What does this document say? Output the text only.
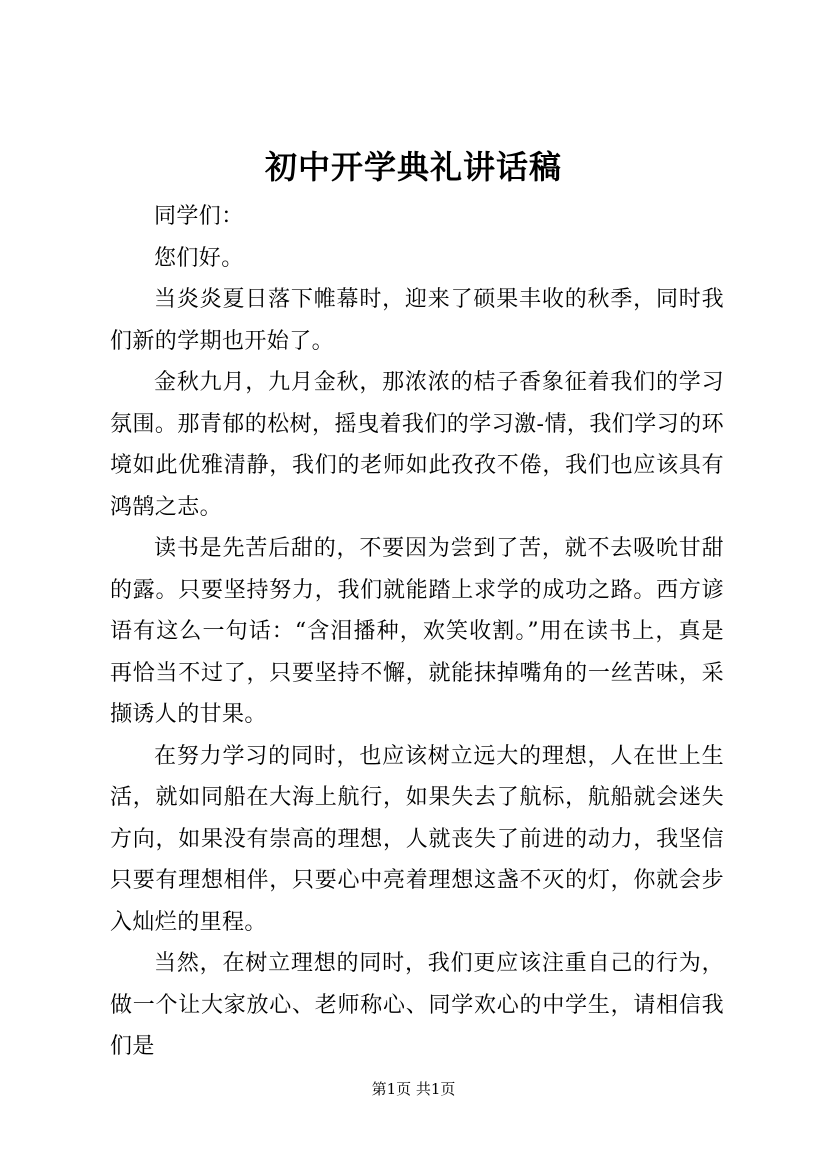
初中开学典礼讲话稿

同学们：

您们好。

当炎炎夏日落下帷幕时，迎来了硕果丰收的秋季，同时我们新的学期也开始了。

金秋九月，九月金秋，那浓浓的桔子香象征着我们的学习氛围。那青郁的松树，摇曳着我们的学习激-情，我们学习的环境如此优雅清静，我们的老师如此孜孜不倦，我们也应该具有鸿鹄之志。

读书是先苦后甜的，不要因为尝到了苦，就不去吸吮甘甜的露。只要坚持努力，我们就能踏上求学的成功之路。西方谚语有这么一句话：“含泪播种，欢笑收割。”用在读书上，真是再恰当不过了，只要坚持不懈，就能抹掉嘴角的一丝苦味，采撷诱人的甘果。

在努力学习的同时，也应该树立远大的理想，人在世上生活，就如同船在大海上航行，如果失去了航标，航船就会迷失方向，如果没有崇高的理想，人就丧失了前进的动力，我坚信只要有理想相伴，只要心中亮着理想这盏不灭的灯，你就会步入灿烂的里程。

当然，在树立理想的同时，我们更应该注重自己的行为，做一个让大家放心、老师称心、同学欢心的中学生，请相信我们是

第1页 共1页
